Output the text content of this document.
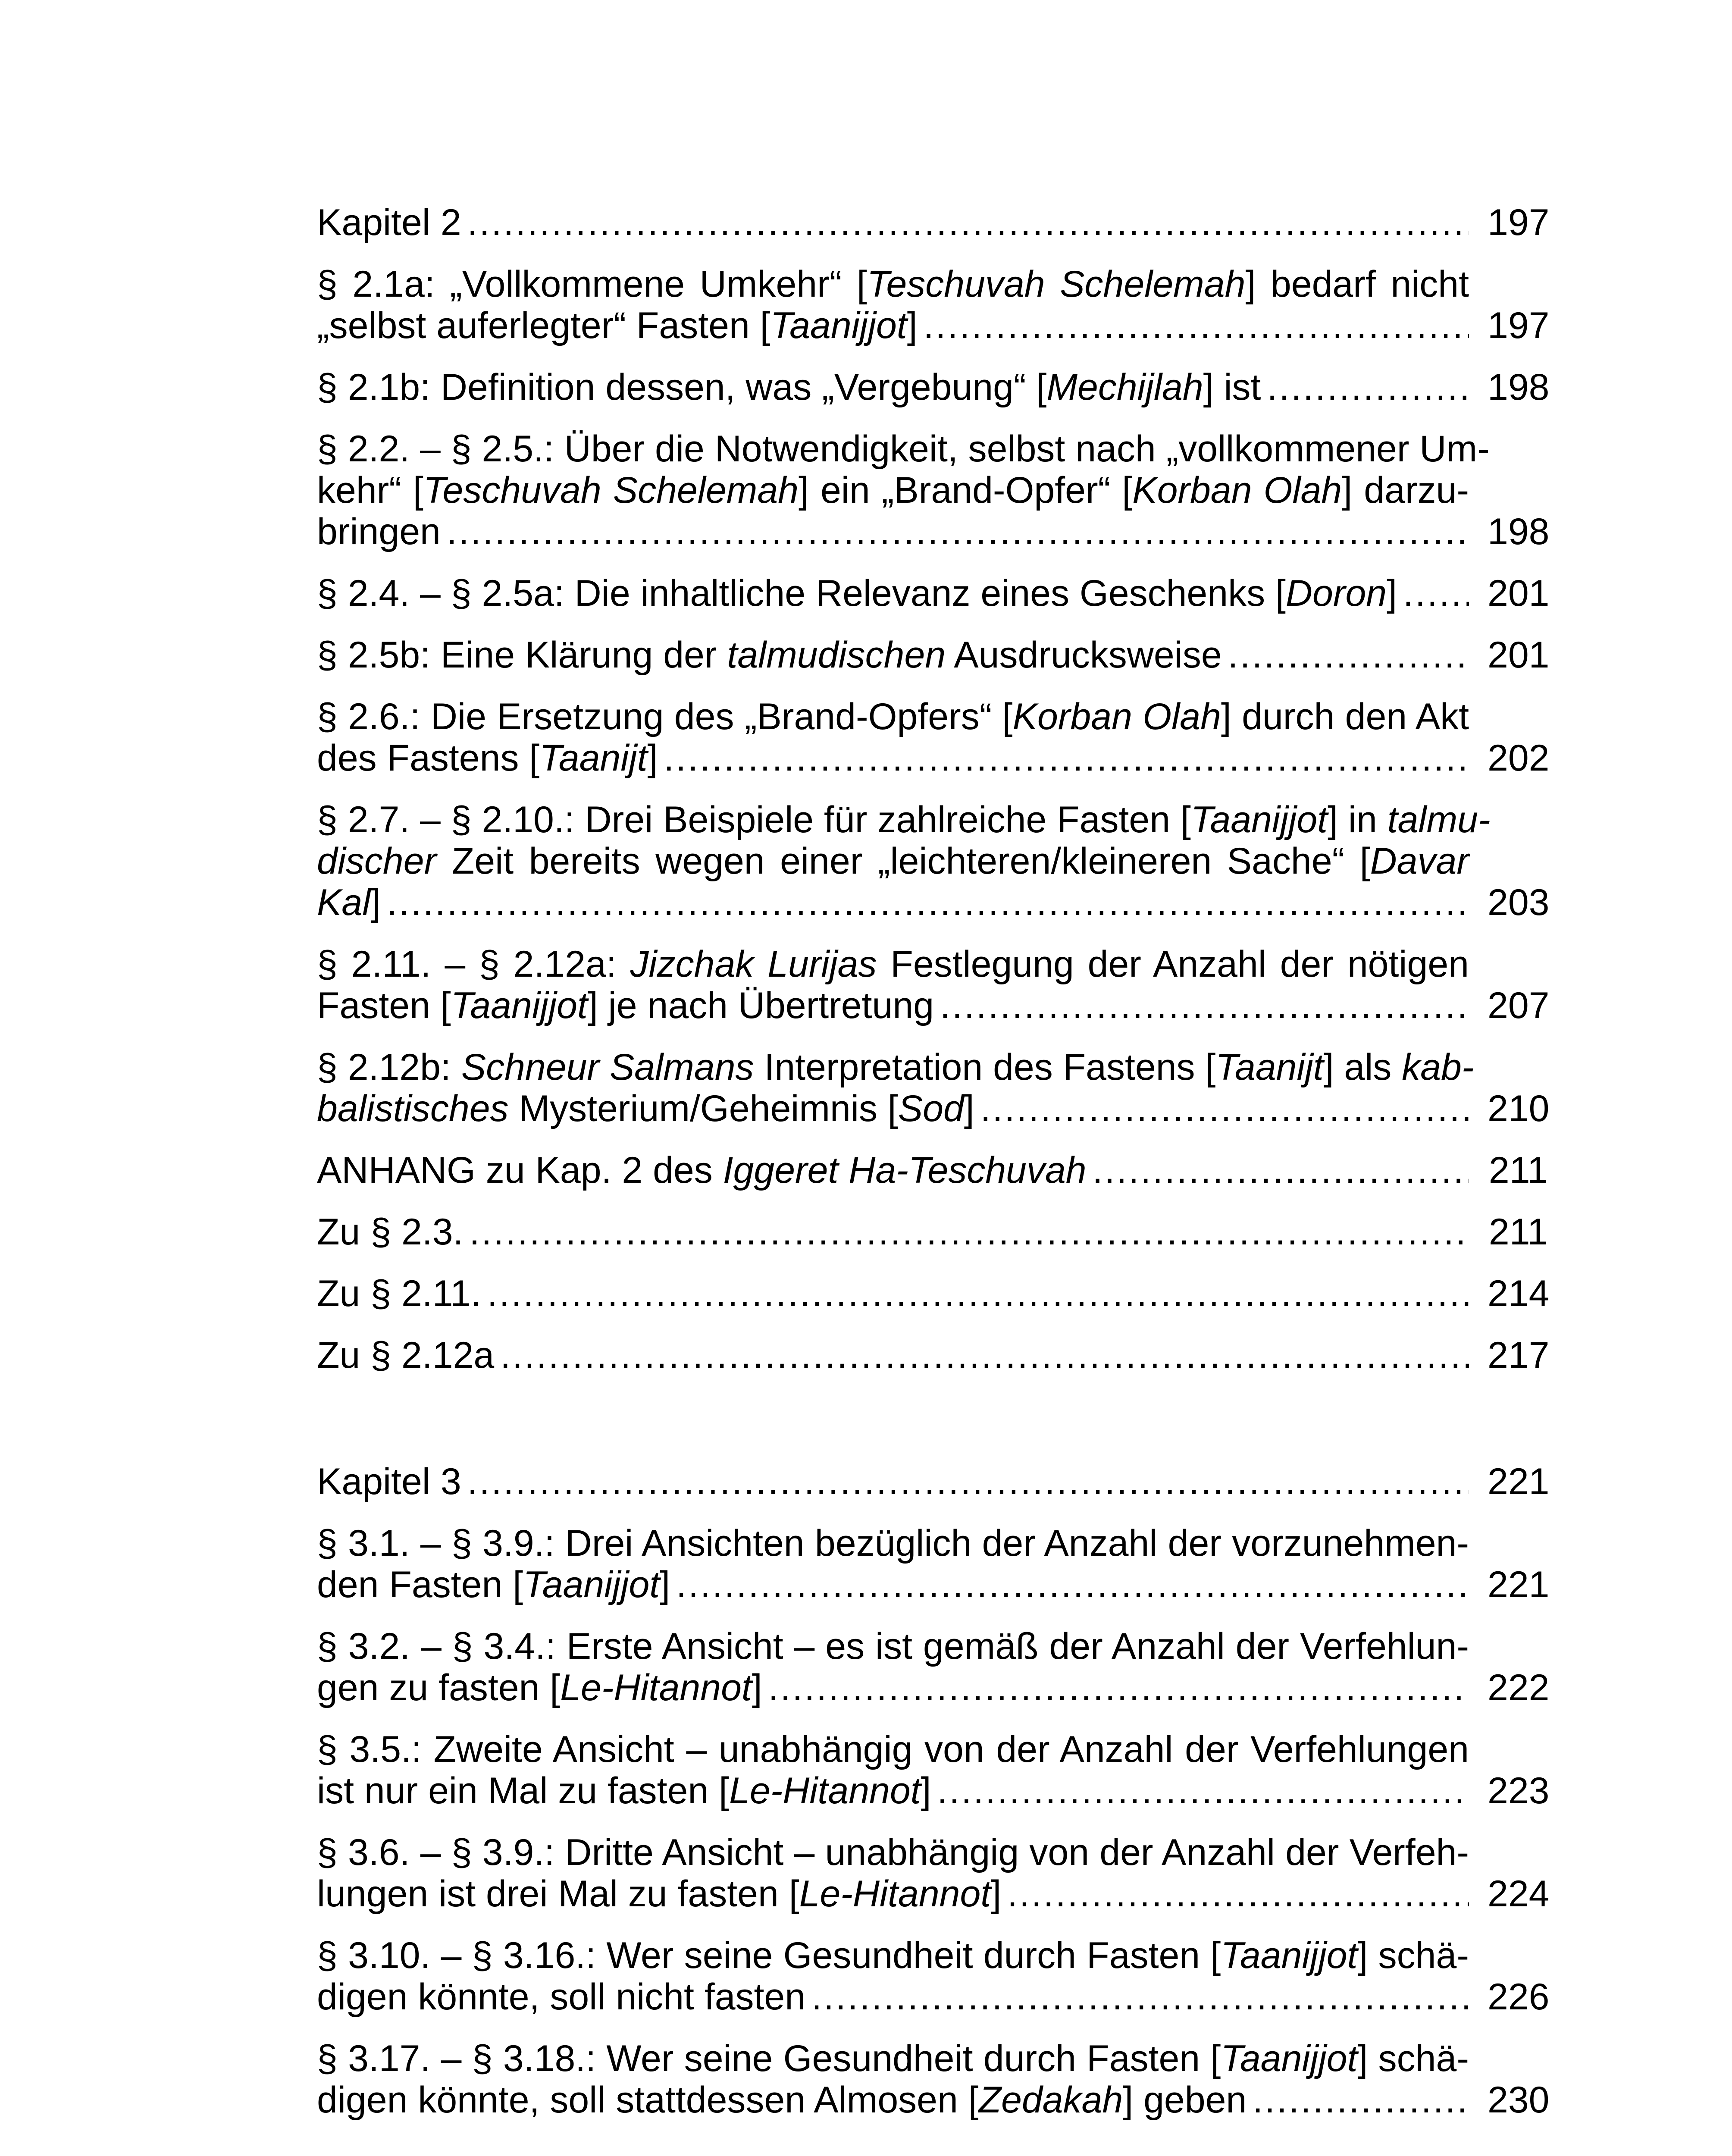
Kapitel 2 .....	197
§ 2.1a: „Vollkommene Umkehr“ [Teschuvah Schelemah] bedarf nicht
„selbst auferlegter“ Fasten [Taanijjot] .....	197
§ 2.1b: Definition dessen, was „Vergebung“ [Mechijlah] ist .....	198
§ 2.2. – § 2.5.: Über die Notwendigkeit, selbst nach „vollkommener Um-
kehr“ [Teschuvah Schelemah] ein „Brand-Opfer“ [Korban Olah] darzu-
bringen .....	198
§ 2.4. – § 2.5a: Die inhaltliche Relevanz eines Geschenks [Doron] ..... 201
§ 2.5b: Eine Klärung der talmudischen Ausdrucksweise .....	201
§ 2.6.: Die Ersetzung des „Brand-Opfers“ [Korban Olah] durch den Akt
des Fastens [Taanijt] .....	202
§ 2.7. – § 2.10.: Drei Beispiele für zahlreiche Fasten [Taanijjot] in talmu-
discher Zeit bereits wegen einer „leichteren/kleineren Sache“ [Davar
Kal] .....	203
§ 2.11. – § 2.12a: Jizchak Lurijas Festlegung der Anzahl der nötigen
Fasten [Taanijjot] je nach Übertretung .....	207
§ 2.12b: Schneur Salmans Interpretation des Fastens [Taanijt] als kab-
balistisches Mysterium/Geheimnis [Sod] .....	210
ANHANG zu Kap. 2 des Iggeret Ha-Teschuvah .....	211
Zu § 2.3. .....	211
Zu § 2.11. .....	214
Zu § 2.12a .....	217
Kapitel 3 .....	221
§ 3.1. – § 3.9.: Drei Ansichten bezüglich der Anzahl der vorzunehmen-
den Fasten [Taanijjot] .....	221
§ 3.2. – § 3.4.: Erste Ansicht – es ist gemäß der Anzahl der Verfehlun-
gen zu fasten [Le-Hitannot] .....	222
§ 3.5.: Zweite Ansicht – unabhängig von der Anzahl der Verfehlungen
ist nur ein Mal zu fasten [Le-Hitannot] .....	223
§ 3.6. – § 3.9.: Dritte Ansicht – unabhängig von der Anzahl der Verfeh-
lungen ist drei Mal zu fasten [Le-Hitannot] .....	224
§ 3.10. – § 3.16.: Wer seine Gesundheit durch Fasten [Taanijjot] schä-
digen könnte, soll nicht fasten .....	226
§ 3.17. – § 3.18.: Wer seine Gesundheit durch Fasten [Taanijjot] schä-
digen könnte, soll stattdessen Almosen [Zedakah] geben .....	230
